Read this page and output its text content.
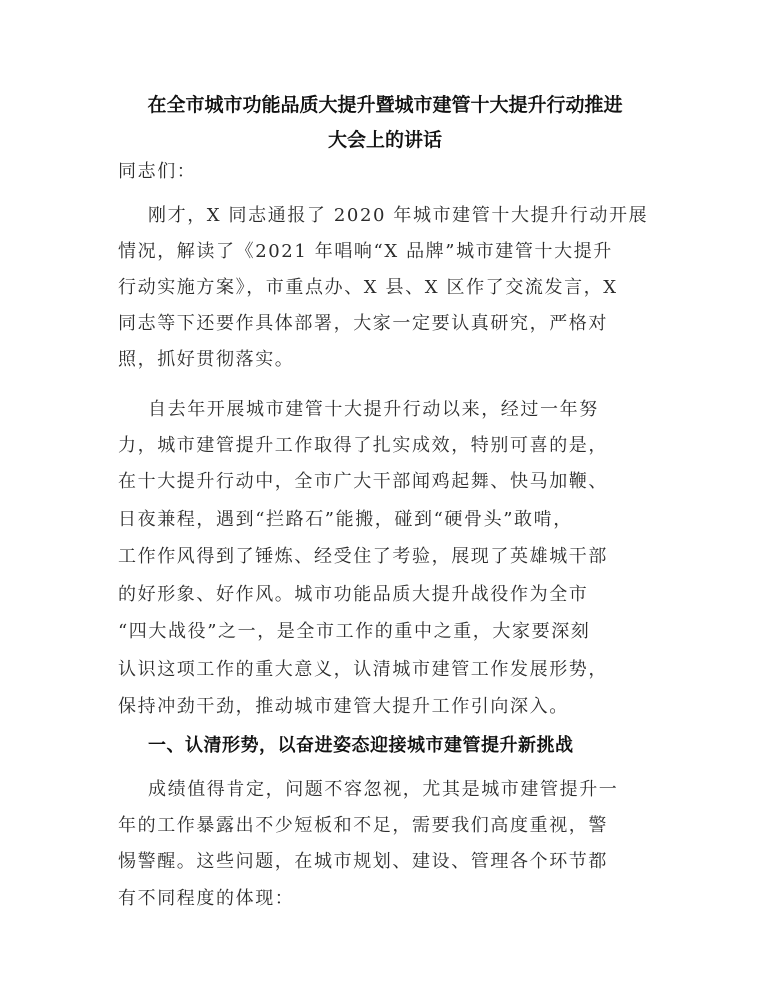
在全市城市功能品质大提升暨城市建管十大提升行动推进
大会上的讲话
同志们：
刚才，X 同志通报了 2020 年城市建管十大提升行动开展
情况，解读了《2021 年唱响“X 品牌”城市建管十大提升
行动实施方案》，市重点办、X 县、X 区作了交流发言，X
同志等下还要作具体部署，大家一定要认真研究，严格对
照，抓好贯彻落实。
自去年开展城市建管十大提升行动以来，经过一年努
力，城市建管提升工作取得了扎实成效，特别可喜的是，
在十大提升行动中，全市广大干部闻鸡起舞、快马加鞭、
日夜兼程，遇到“拦路石”能搬，碰到“硬骨头”敢啃，
工作作风得到了锤炼、经受住了考验，展现了英雄城干部
的好形象、好作风。城市功能品质大提升战役作为全市
“四大战役”之一，是全市工作的重中之重，大家要深刻
认识这项工作的重大意义，认清城市建管工作发展形势，
保持冲劲干劲，推动城市建管大提升工作引向深入。
一、认清形势，以奋进姿态迎接城市建管提升新挑战
成绩值得肯定，问题不容忽视，尤其是城市建管提升一
年的工作暴露出不少短板和不足，需要我们高度重视，警
惕警醒。这些问题，在城市规划、建设、管理各个环节都
有不同程度的体现：
